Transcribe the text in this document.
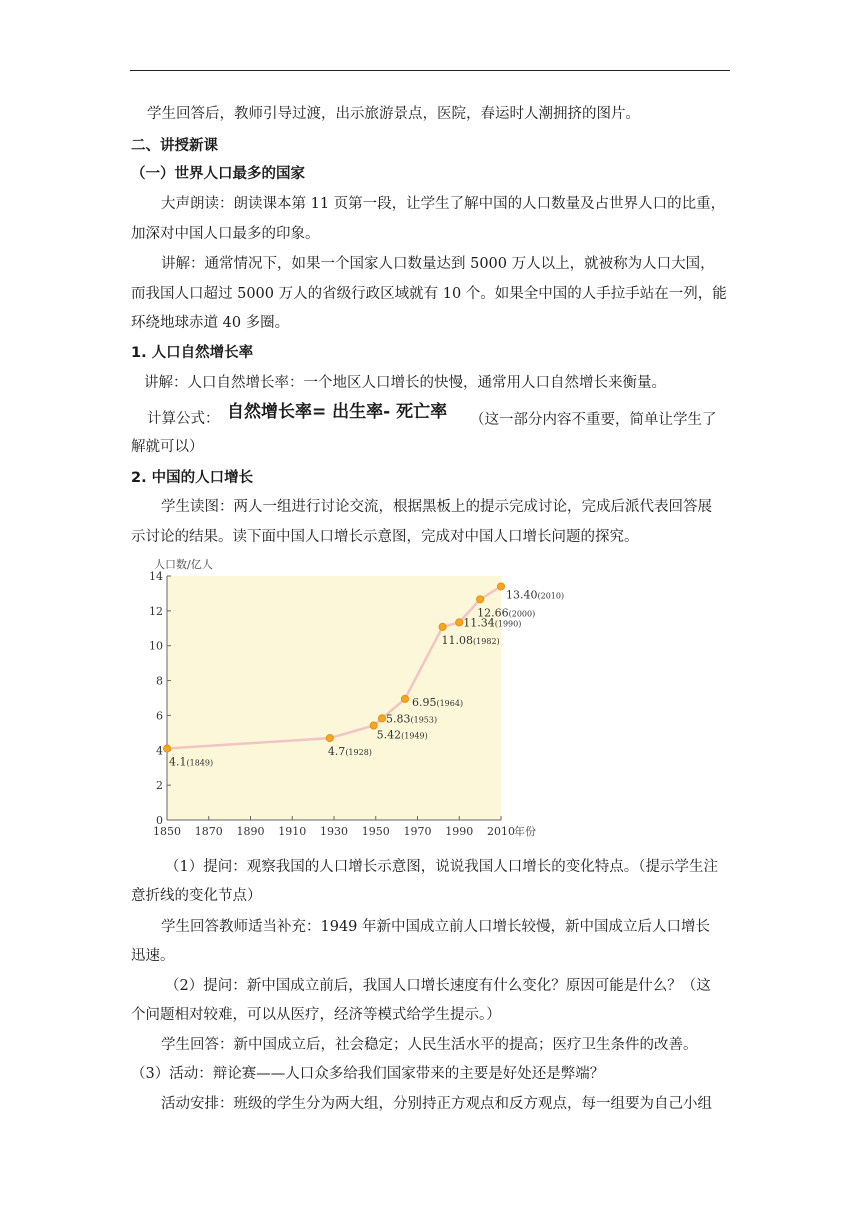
学生回答后，教师引导过渡，出示旅游景点，医院，春运时人潮拥挤的图片。
二、讲授新课
（一）世界人口最多的国家
大声朗读：朗读课本第 11 页第一段，让学生了解中国的人口数量及占世界人口的比重，
加深对中国人口最多的印象。
讲解：通常情况下，如果一个国家人口数量达到 5000 万人以上，就被称为人口大国，
而我国人口超过 5000 万人的省级行政区域就有 10 个。如果全中国的人手拉手站在一列，能
环绕地球赤道 40 多圈。
1. 人口自然增长率
讲解：人口自然增长率：一个地区人口增长的快慢，通常用人口自然增长来衡量。
计算公式： 自然增长率= 出生率- 死亡率 （这一部分内容不重要，简单让学生了
解就可以）
2. 中国的人口增长
学生读图：两人一组进行讨论交流，根据黑板上的提示完成讨论，完成后派代表回答展
示讨论的结果。读下面中国人口增长示意图，完成对中国人口增长问题的探究。
人口数/亿人
年份
0
2
4
6
8
10
12
14
1850 1870 1890 1910 1930 1950 1970 1990 2010
4.1(1849)
4.7(1928)
5.42(1949)
5.83(1953)
6.95(1964)
11.08(1982)
11.34(1990)
12.66(2000)
13.40(2010)
（1）提问：观察我国的人口增长示意图，说说我国人口增长的变化特点。（提示学生注
意折线的变化节点）
学生回答教师适当补充：1949 年新中国成立前人口增长较慢，新中国成立后人口增长
迅速。
（2）提问：新中国成立前后，我国人口增长速度有什么变化？原因可能是什么？（这
个问题相对较难，可以从医疗，经济等模式给学生提示。）
学生回答：新中国成立后，社会稳定；人民生活水平的提高；医疗卫生条件的改善。
（3）活动：辩论赛——人口众多给我们国家带来的主要是好处还是弊端？
活动安排：班级的学生分为两大组，分别持正方观点和反方观点，每一组要为自己小组
